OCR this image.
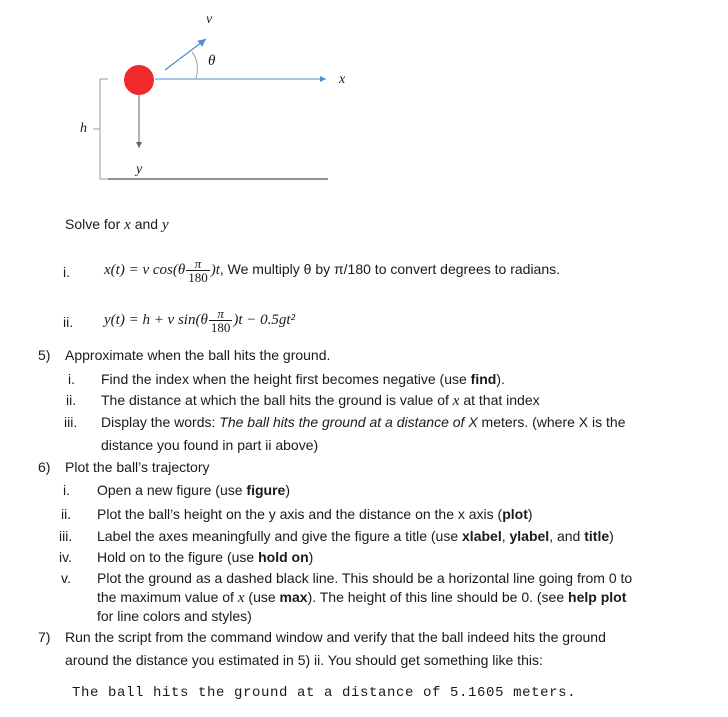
v
θ
x
h
y
Solve for x and y
i. x(t) = v $\cos(\theta \frac{\pi}{180} )t$, We multiply θ by π/180 to convert degrees to radians.
ii. y(t) = h + v $\sin(\theta \frac{\pi}{180} )t - 0.5gt^2$
5) Approximate when the ball hits the ground.
i. Find the index when the height first becomes negative (use find).
ii. The distance at which the ball hits the ground is value of x at that index
iii. Display the words: The ball hits the ground at a distance of X meters. (where X is the
distance you found in part ii above)
6) Plot the ball’s trajectory
i. Open a new figure (use figure)
ii. Plot the ball’s height on the y axis and the distance on the x axis (plot)
iii. Label the axes meaningfully and give the figure a title (use xlabel, ylabel, and title)
iv. Hold on to the figure (use hold on)
v. Plot the ground as a dashed black line. This should be a horizontal line going from 0 to
the maximum value of x (use max). The height of this line should be 0. (see help plot
for line colors and styles)
7) Run the script from the command window and verify that the ball indeed hits the ground
around the distance you estimated in 5) ii. You should get something like this:
The ball hits the ground at a distance of 5.1605 meters.
